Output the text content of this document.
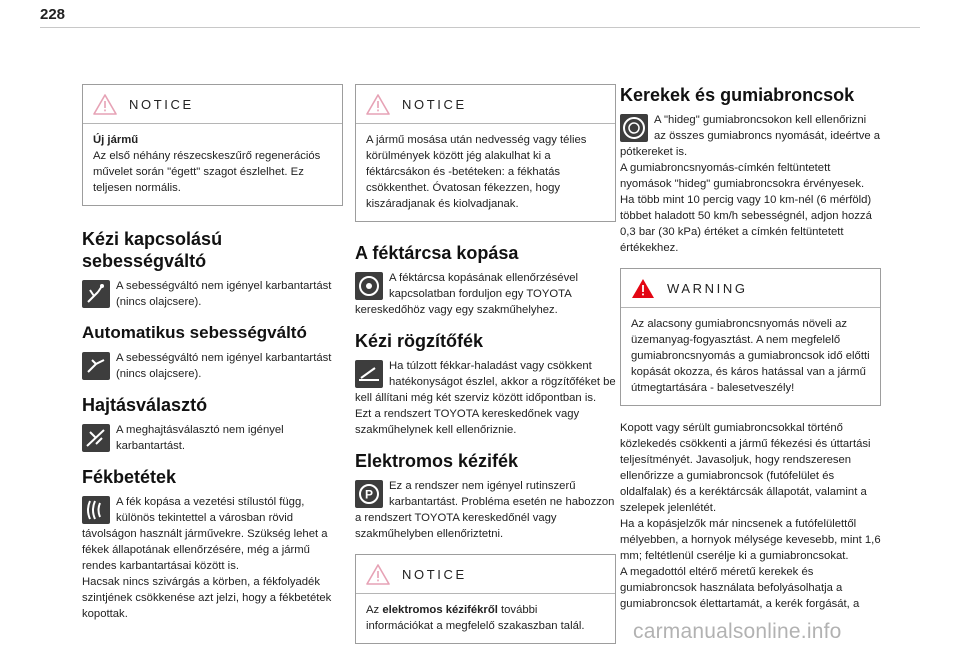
228
NOTICE
Új jármű
Az első néhány részecskeszűrő regenerációs művelet során "égett" szagot észlelhet. Ez teljesen normális.
Kézi kapcsolású sebességváltó

A sebességváltó nem igényel karbantartást (nincs olajcsere).

Automatikus sebességváltó

A sebességváltó nem igényel karbantartást (nincs olajcsere).

Hajtásválasztó

A meghajtásválasztó nem igényel karbantartást.

Fékbetétek

A fék kopása a vezetési stílustól függ, különös tekintettel a városban rövid távolságon használt járművekre. Szükség lehet a fékek állapotának ellenőrzésére, még a jármű rendes karbantartásai között is.

Hacsak nincs szivárgás a körben, a fékfolyadék szintjének csökkenése azt jelzi, hogy a fékbetétek kopottak.

NOTICE
A jármű mosása után nedvesség vagy télies körülmények között jég alakulhat ki a féktárcsákon és -betéteken: a fékhatás csökkenthet. Óvatosan fékezzen, hogy kiszáradjanak és kiolvadjanak.
A féktárcsa kopása

A féktárcsa kopásának ellenőrzésével kapcsolatban forduljon egy TOYOTA kereskedőhöz vagy egy szakműhelyhez.

Kézi rögzítőfék

Ha túlzott fékkar-haladást vagy csökkent hatékonyságot észlel, akkor a rögzítőféket be kell állítani még két szerviz között időpontban is.

Ezt a rendszert TOYOTA kereskedőnek vagy szakműhelynek kell ellenőriznie.

Elektromos kézifék
P

Ez a rendszer nem igényel rutinszerű karbantartást. Probléma esetén ne habozzon a rendszert TOYOTA kereskedőnél vagy szakműhelyben ellenőriztetni.

NOTICE
Az elektromos kézifékről további információkat a megfelelő szakaszban talál.
Kerekek és gumiabroncsok

A "hideg" gumiabroncsokon kell ellenőrizni az összes gumiabroncs nyomását, ideértve a pótkereket is.

A gumiabroncsnyomás-címkén feltüntetett nyomások "hideg" gumiabroncsokra érvényesek. Ha több mint 10 percig vagy 10 km-nél (6 mérföld) többet haladott 50 km/h sebességnél, adjon hozzá 0,3 bar (30 kPa) értéket a címkén feltüntetett értékekhez.

WARNING
Az alacsony gumiabroncsnyomás növeli az üzemanyag-fogyasztást. A nem megfelelő gumiabroncsnyomás a gumiabroncsok idő előtti kopását okozza, és káros hatással van a jármű útmegtartására - balesetveszély!

Kopott vagy sérült gumiabroncsokkal történő közlekedés csökkenti a jármű fékezési és úttartási teljesítményét. Javasoljuk, hogy rendszeresen ellenőrizze a gumiabroncsok (futófelület és oldalfalak) és a keréktárcsák állapotát, valamint a szelepek jelenlétét.

Ha a kopásjelzők már nincsenek a futófelülettől mélyebben, a hornyok mélysége kevesebb, mint 1,6 mm; feltétlenül cserélje ki a gumiabroncsokat.

A megadottól eltérő méretű kerekek és gumiabroncsok használata befolyásolhatja a gumiabroncsok élettartamát, a kerék forgását, a

carmanualsonline.info
